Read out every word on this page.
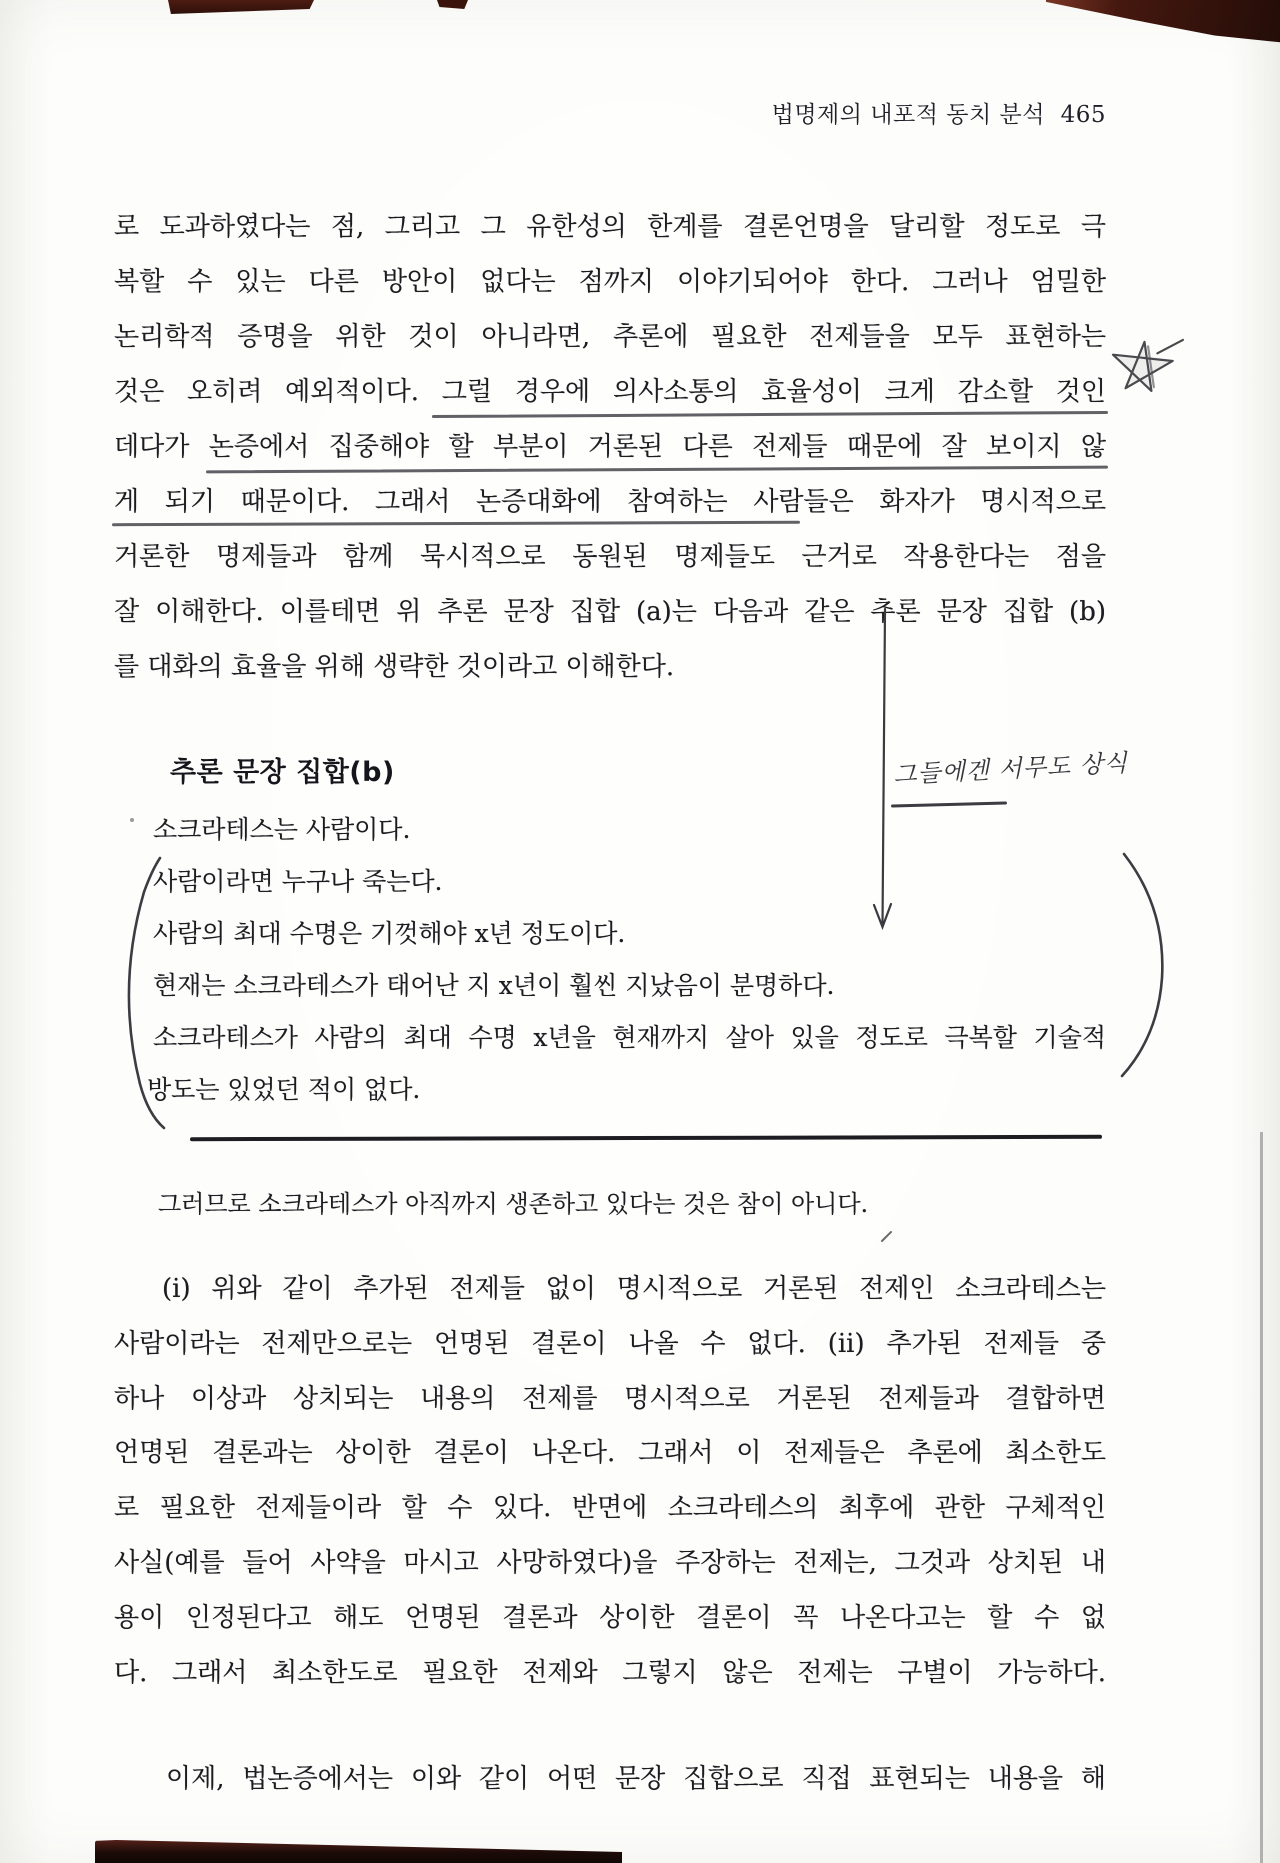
법명제의 내포적 동치 분석 465
로 도과하였다는 점, 그리고 그 유한성의 한계를 결론언명을 달리할 정도로 극
복할 수 있는 다른 방안이 없다는 점까지 이야기되어야 한다. 그러나 엄밀한
논리학적 증명을 위한 것이 아니라면, 추론에 필요한 전제들을 모두 표현하는
것은 오히려 예외적이다. 그럴 경우에 의사소통의 효율성이 크게 감소할 것인
데다가 논증에서 집중해야 할 부분이 거론된 다른 전제들 때문에 잘 보이지 않
게 되기 때문이다. 그래서 논증대화에 참여하는 사람들은 화자가 명시적으로
거론한 명제들과 함께 묵시적으로 동원된 명제들도 근거로 작용한다는 점을
잘 이해한다. 이를테면 위 추론 문장 집합 (a)는 다음과 같은 추론 문장 집합 (b)
를 대화의 효율을 위해 생략한 것이라고 이해한다.
추론 문장 집합(b)
소크라테스는 사람이다.
사람이라면 누구나 죽는다.
사람의 최대 수명은 기껏해야 x년 정도이다.
현재는 소크라테스가 태어난 지 x년이 훨씬 지났음이 분명하다.
소크라테스가 사람의 최대 수명 x년을 현재까지 살아 있을 정도로 극복할 기술적
방도는 있었던 적이 없다.
그러므로 소크라테스가 아직까지 생존하고 있다는 것은 참이 아니다.
(i) 위와 같이 추가된 전제들 없이 명시적으로 거론된 전제인 소크라테스는
사람이라는 전제만으로는 언명된 결론이 나올 수 없다. (ii) 추가된 전제들 중
하나 이상과 상치되는 내용의 전제를 명시적으로 거론된 전제들과 결합하면
언명된 결론과는 상이한 결론이 나온다. 그래서 이 전제들은 추론에 최소한도
로 필요한 전제들이라 할 수 있다. 반면에 소크라테스의 최후에 관한 구체적인
사실(예를 들어 사약을 마시고 사망하였다)을 주장하는 전제는, 그것과 상치된 내
용이 인정된다고 해도 언명된 결론과 상이한 결론이 꼭 나온다고는 할 수 없
다. 그래서 최소한도로 필요한 전제와 그렇지 않은 전제는 구별이 가능하다.
이제, 법논증에서는 이와 같이 어떤 문장 집합으로 직접 표현되는 내용을 해
그들에겐 서무도 상식
